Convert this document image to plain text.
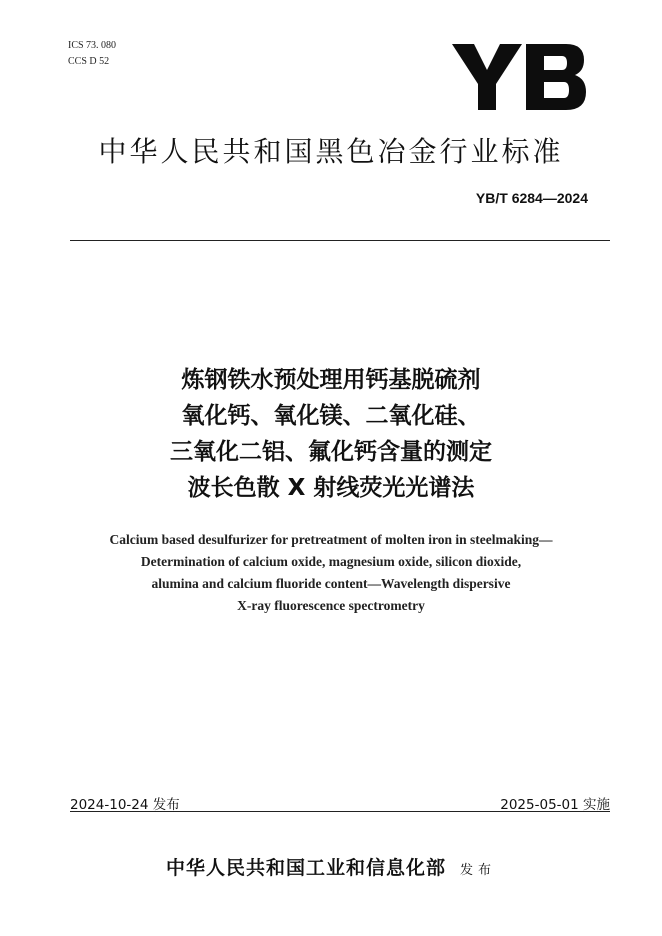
ICS 73. 080
CCS D 52
中华人民共和国黑色冶金行业标准
YB/T 6284—2024
炼钢铁水预处理用钙基脱硫剂
氧化钙、氧化镁、二氧化硅、
三氧化二铝、氟化钙含量的测定
波长色散 X 射线荧光光谱法
Calcium based desulfurizer for pretreatment of molten iron in steelmaking—
Determination of calcium oxide, magnesium oxide, silicon dioxide,
alumina and calcium fluoride content—Wavelength dispersive
X-ray fluorescence spectrometry
2024-10-24 发布	2025-05-01 实施
中华人民共和国工业和信息化部 发布
